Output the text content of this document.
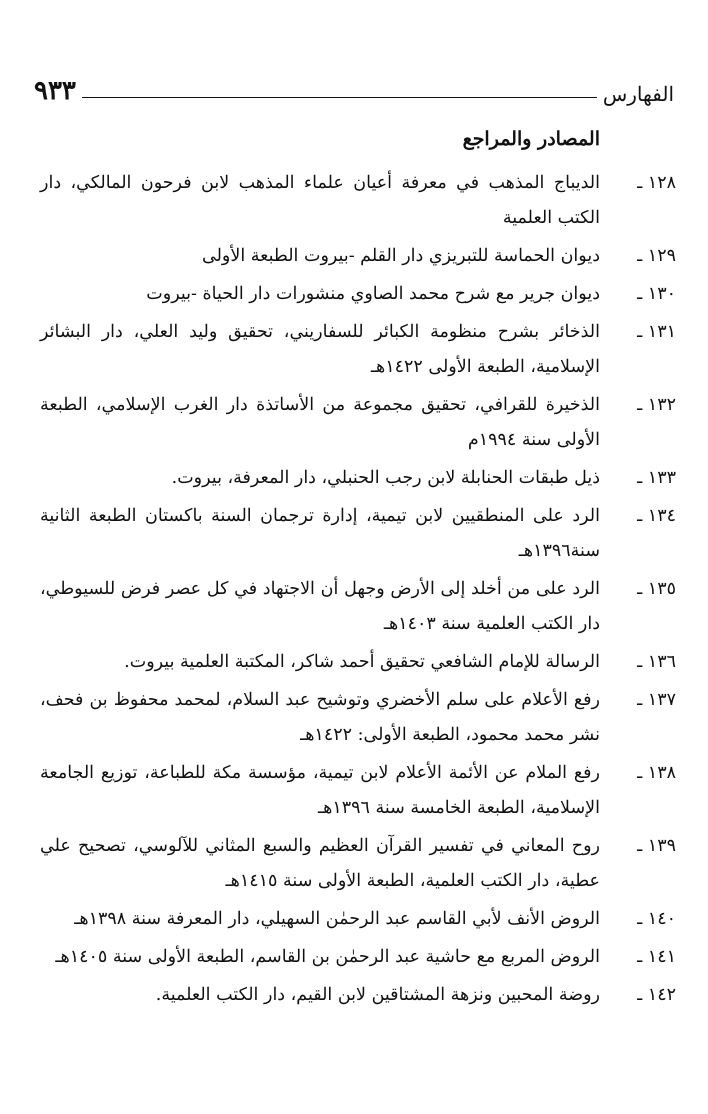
الفهارس
٩٣٣
المصادر والمراجع
١٢٨ ـ
الديباج المذهب في معرفة أعيان علماء المذهب لابن فرحون المالكي، دار الكتب العلمية
١٢٩ ـ
ديوان الحماسة للتبريزي دار القلم -بيروت الطبعة الأولى
١٣٠ ـ
ديوان جرير مع شرح محمد الصاوي منشورات دار الحياة -بيروت
١٣١ ـ
الذخائر بشرح منظومة الكبائر للسفاريني، تحقيق وليد العلي، دار البشائر الإسلامية، الطبعة الأولى ١٤٢٢هـ
١٣٢ ـ
الذخيرة للقرافي، تحقيق مجموعة من الأساتذة دار الغرب الإسلامي، الطبعة الأولى سنة ١٩٩٤م
١٣٣ ـ
ذيل طبقات الحنابلة لابن رجب الحنبلي، دار المعرفة، بيروت.
١٣٤ ـ
الرد على المنطقيين لابن تيمية، إدارة ترجمان السنة باكستان الطبعة الثانية سنة١٣٩٦هـ
١٣٥ ـ
الرد على من أخلد إلى الأرض وجهل أن الاجتهاد في كل عصر فرض للسيوطي، دار الكتب العلمية سنة ١٤٠٣هـ
١٣٦ ـ
الرسالة للإمام الشافعي تحقيق أحمد شاكر، المكتبة العلمية بيروت.
١٣٧ ـ
رفع الأعلام على سلم الأخضري وتوشيح عبد السلام، لمحمد محفوظ بن فحف، نشر محمد محمود، الطبعة الأولى: ١٤٢٢هـ
١٣٨ ـ
رفع الملام عن الأئمة الأعلام لابن تيمية، مؤسسة مكة للطباعة، توزيع الجامعة الإسلامية، الطبعة الخامسة سنة ١٣٩٦هـ
١٣٩ ـ
روح المعاني في تفسير القرآن العظيم والسبع المثاني للآلوسي، تصحيح علي عطية، دار الكتب العلمية، الطبعة الأولى سنة ١٤١٥هـ
١٤٠ ـ
الروض الأنف لأبي القاسم عبد الرحمٰن السهيلي، دار المعرفة سنة ١٣٩٨هـ
١٤١ ـ
الروض المربع مع حاشية عبد الرحمٰن بن القاسم، الطبعة الأولى سنة ١٤٠٥هـ
١٤٢ ـ
روضة المحبين ونزهة المشتاقين لابن القيم، دار الكتب العلمية.
